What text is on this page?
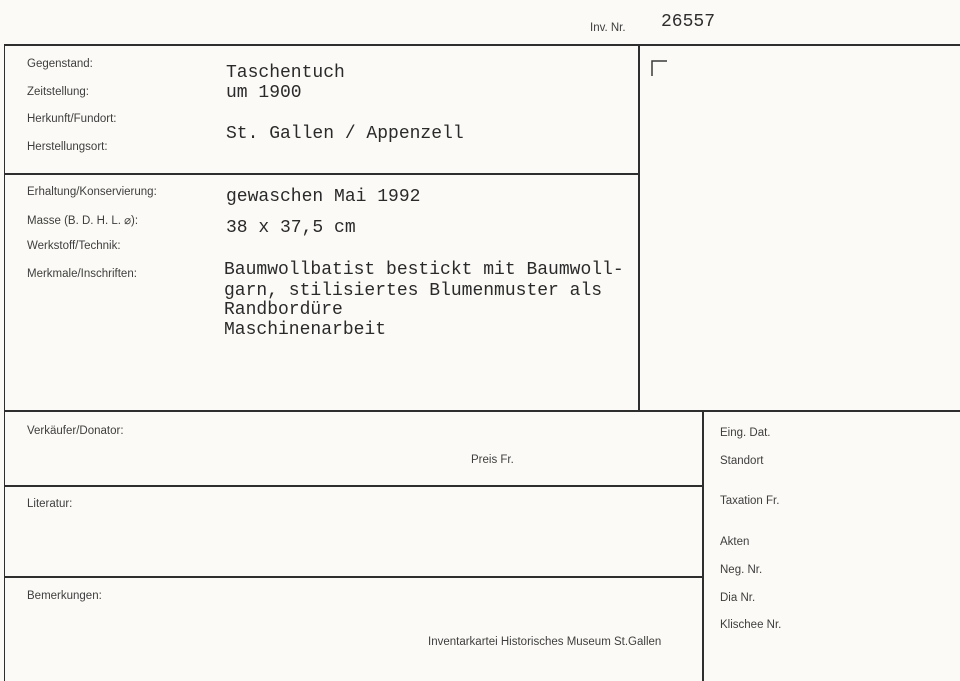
Inv. Nr. 26557
Gegenstand:
Zeitstellung:
Herkunft/Fundort:
Herstellungsort:
Taschentuch
um 1900
St. Gallen / Appenzell
Erhaltung/Konservierung:
Masse (B. D. H. L. ⌀):
Werkstoff/Technik:
Merkmale/Inschriften:
gewaschen Mai 1992
38 x 37,5 cm
Baumwollbatist bestickt mit Baumwoll-
garn, stilisiertes Blumenmuster als
Randbordüre
Maschinenarbeit
Verkäufer/Donator:
Preis Fr.
Literatur:
Bemerkungen:
Inventarkartei Historisches Museum St.Gallen
Eing. Dat.
Standort
Taxation Fr.
Akten
Neg. Nr.
Dia Nr.
Klischee Nr.
